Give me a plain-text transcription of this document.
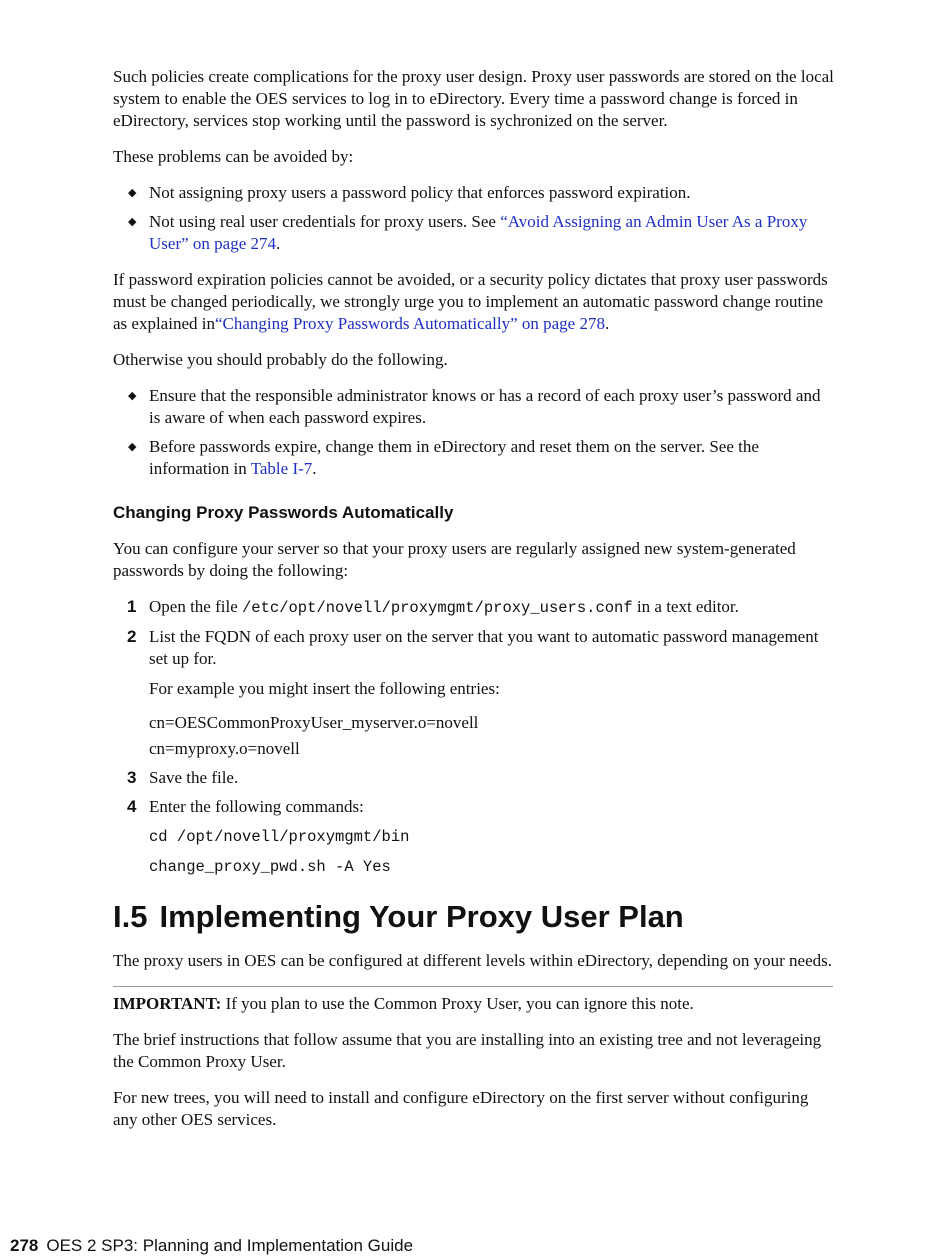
Such policies create complications for the proxy user design. Proxy user passwords are stored on the local system to enable the OES services to log in to eDirectory. Every time a password change is forced in eDirectory, services stop working until the password is sychronized on the server.

These problems can be avoided by:

◆ Not assigning proxy users a password policy that enforces password expiration.
◆ Not using real user credentials for proxy users. See “Avoid Assigning an Admin User As a Proxy User” on page 274.

If password expiration policies cannot be avoided, or a security policy dictates that proxy user passwords must be changed periodically, we strongly urge you to implement an automatic password change routine as explained in“Changing Proxy Passwords Automatically” on page 278.

Otherwise you should probably do the following.

◆ Ensure that the responsible administrator knows or has a record of each proxy user’s password and is aware of when each password expires.
◆ Before passwords expire, change them in eDirectory and reset them on the server. See the information in Table I-7.
Changing Proxy Passwords Automatically

You can configure your server so that your proxy users are regularly assigned new system-generated passwords by doing the following:

1 Open the file /etc/opt/novell/proxymgmt/proxy_users.conf in a text editor.
2 List the FQDN of each proxy user on the server that you want to automatic password management set up for.

For example you might insert the following entries:

cn=OESCommonProxyUser_myserver.o=novell

cn=myproxy.o=novell

3 Save the file.
4 Enter the following commands:

cd /opt/novell/proxymgmt/bin

change_proxy_pwd.sh -A Yes

I.5 Implementing Your Proxy User Plan

The proxy users in OES can be configured at different levels within eDirectory, depending on your needs.

IMPORTANT: If you plan to use the Common Proxy User, you can ignore this note.

The brief instructions that follow assume that you are installing into an existing tree and not leverageing the Common Proxy User.

For new trees, you will need to install and configure eDirectory on the first server without configuring any other OES services.

278 OES 2 SP3: Planning and Implementation Guide
